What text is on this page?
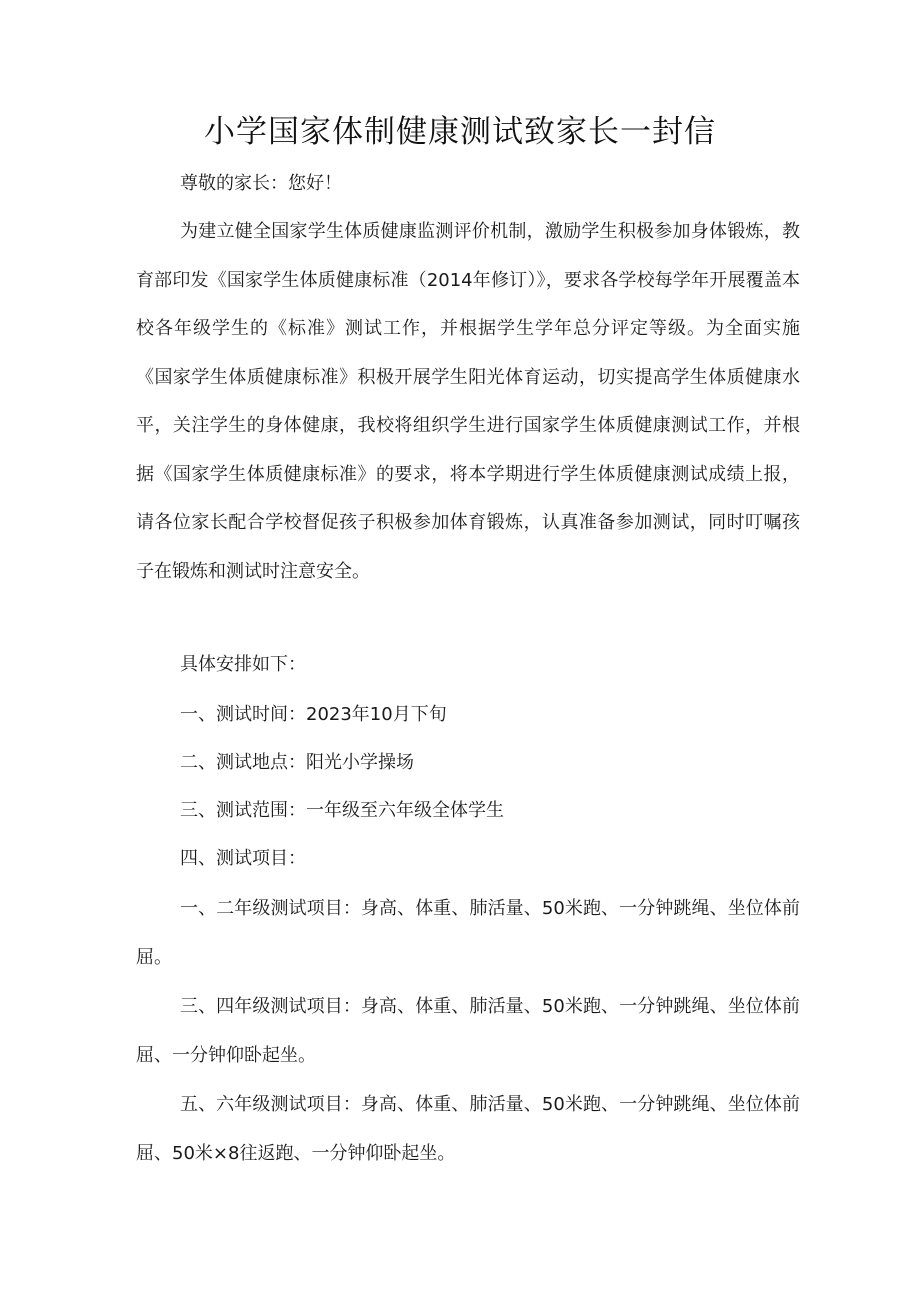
小学国家体制健康测试致家长一封信

尊敬的家长：您好！

为建立健全国家学生体质健康监测评价机制，激励学生积极参加身体锻炼，教育部印发《国家学生体质健康标准（2014年修订）》，要求各学校每学年开展覆盖本校各年级学生的《标准》测试工作，并根据学生学年总分评定等级。为全面实施《国家学生体质健康标准》积极开展学生阳光体育运动，切实提高学生体质健康水平，关注学生的身体健康，我校将组织学生进行国家学生体质健康测试工作，并根据《国家学生体质健康标准》的要求，将本学期进行学生体质健康测试成绩上报，请各位家长配合学校督促孩子积极参加体育锻炼，认真准备参加测试，同时叮嘱孩子在锻炼和测试时注意安全。

具体安排如下：

一、测试时间：2023年10月下旬

二、测试地点：阳光小学操场

三、测试范围：一年级至六年级全体学生

四、测试项目：

一、二年级测试项目：身高、体重、肺活量、50米跑、一分钟跳绳、坐位体前屈。

三、四年级测试项目：身高、体重、肺活量、50米跑、一分钟跳绳、坐位体前屈、一分钟仰卧起坐。

五、六年级测试项目：身高、体重、肺活量、50米跑、一分钟跳绳、坐位体前屈、50米×8往返跑、一分钟仰卧起坐。
